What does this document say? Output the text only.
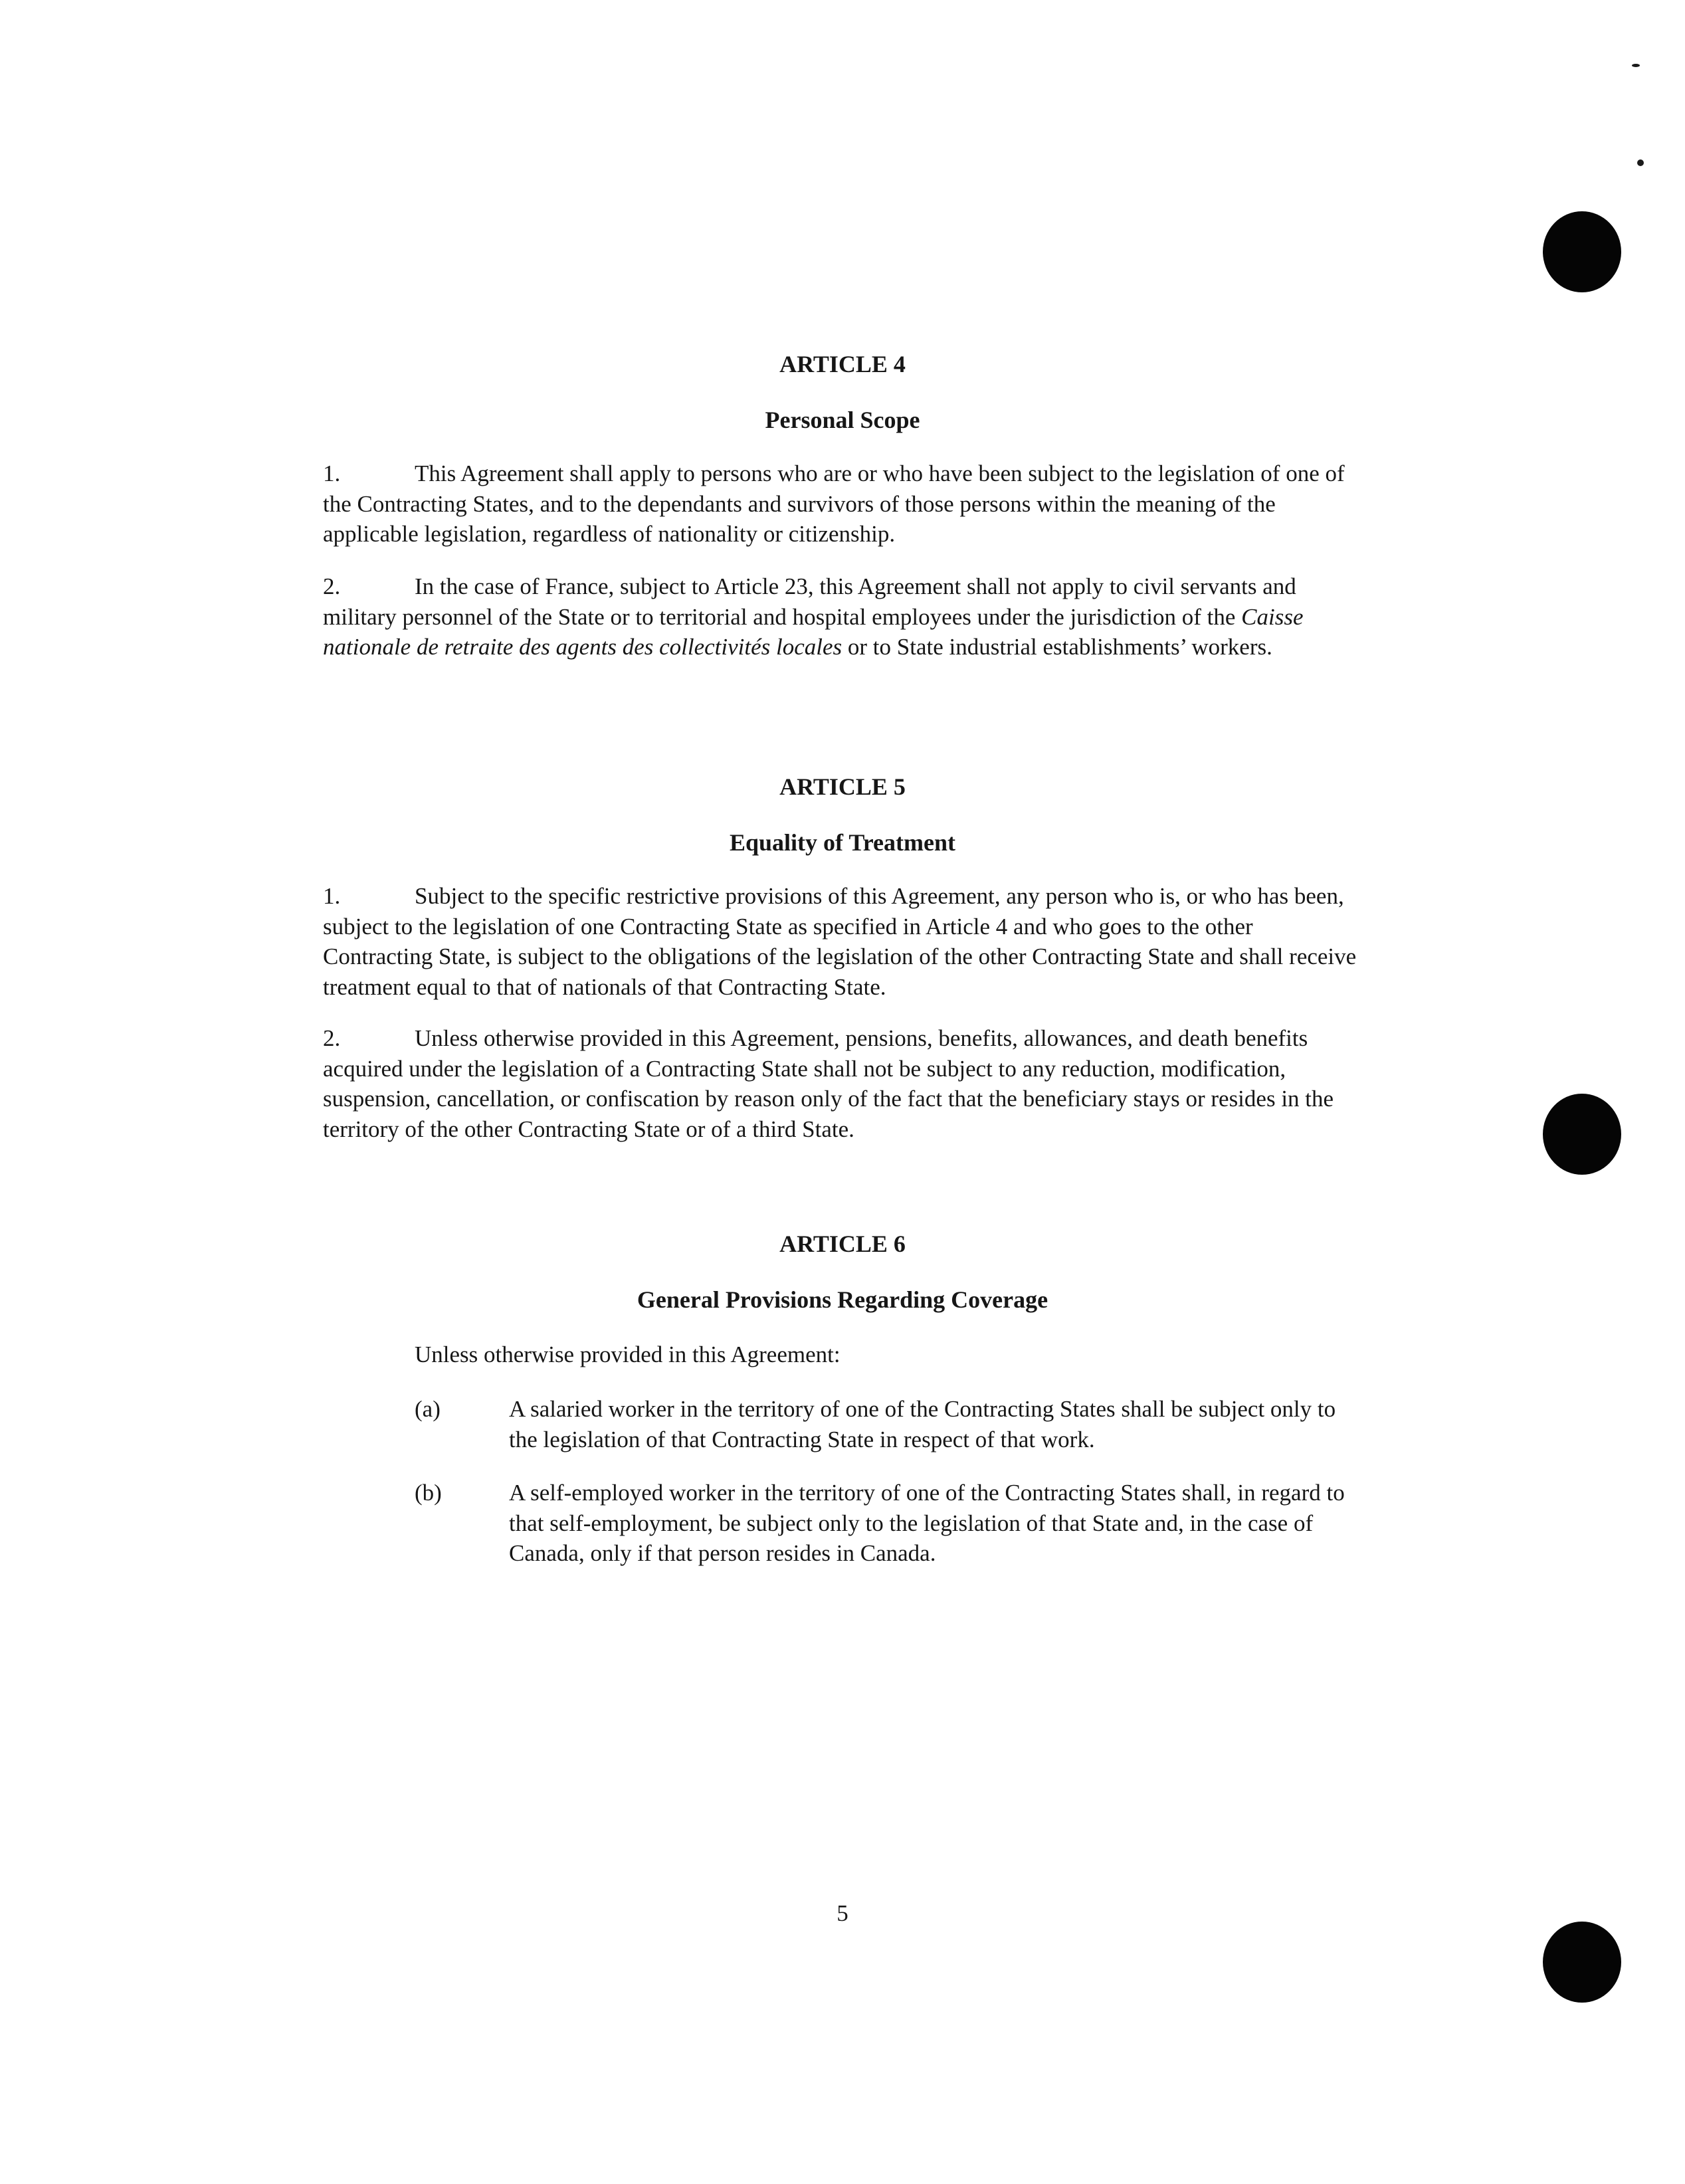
ARTICLE 4
Personal Scope

1.	This Agreement shall apply to persons who are or who have been subject to the legislation of one of the Contracting States, and to the dependants and survivors of those persons within the meaning of the applicable legislation, regardless of nationality or citizenship.

2.	In the case of France, subject to Article 23, this Agreement shall not apply to civil servants and military personnel of the State or to territorial and hospital employees under the jurisdiction of the Caisse nationale de retraite des agents des collectivités locales or to State industrial establishments’ workers.

ARTICLE 5
Equality of Treatment

1.	Subject to the specific restrictive provisions of this Agreement, any person who is, or who has been, subject to the legislation of one Contracting State as specified in Article 4 and who goes to the other Contracting State, is subject to the obligations of the legislation of the other Contracting State and shall receive treatment equal to that of nationals of that Contracting State.

2.	Unless otherwise provided in this Agreement, pensions, benefits, allowances, and death benefits acquired under the legislation of a Contracting State shall not be subject to any reduction, modification, suspension, cancellation, or confiscation by reason only of the fact that the beneficiary stays or resides in the territory of the other Contracting State or of a third State.

ARTICLE 6
General Provisions Regarding Coverage

Unless otherwise provided in this Agreement:

(a)	A salaried worker in the territory of one of the Contracting States shall be subject only to the legislation of that Contracting State in respect of that work.
(b)	A self-employed worker in the territory of one of the Contracting States shall, in regard to that self-employment, be subject only to the legislation of that State and, in the case of Canada, only if that person resides in Canada.
5
